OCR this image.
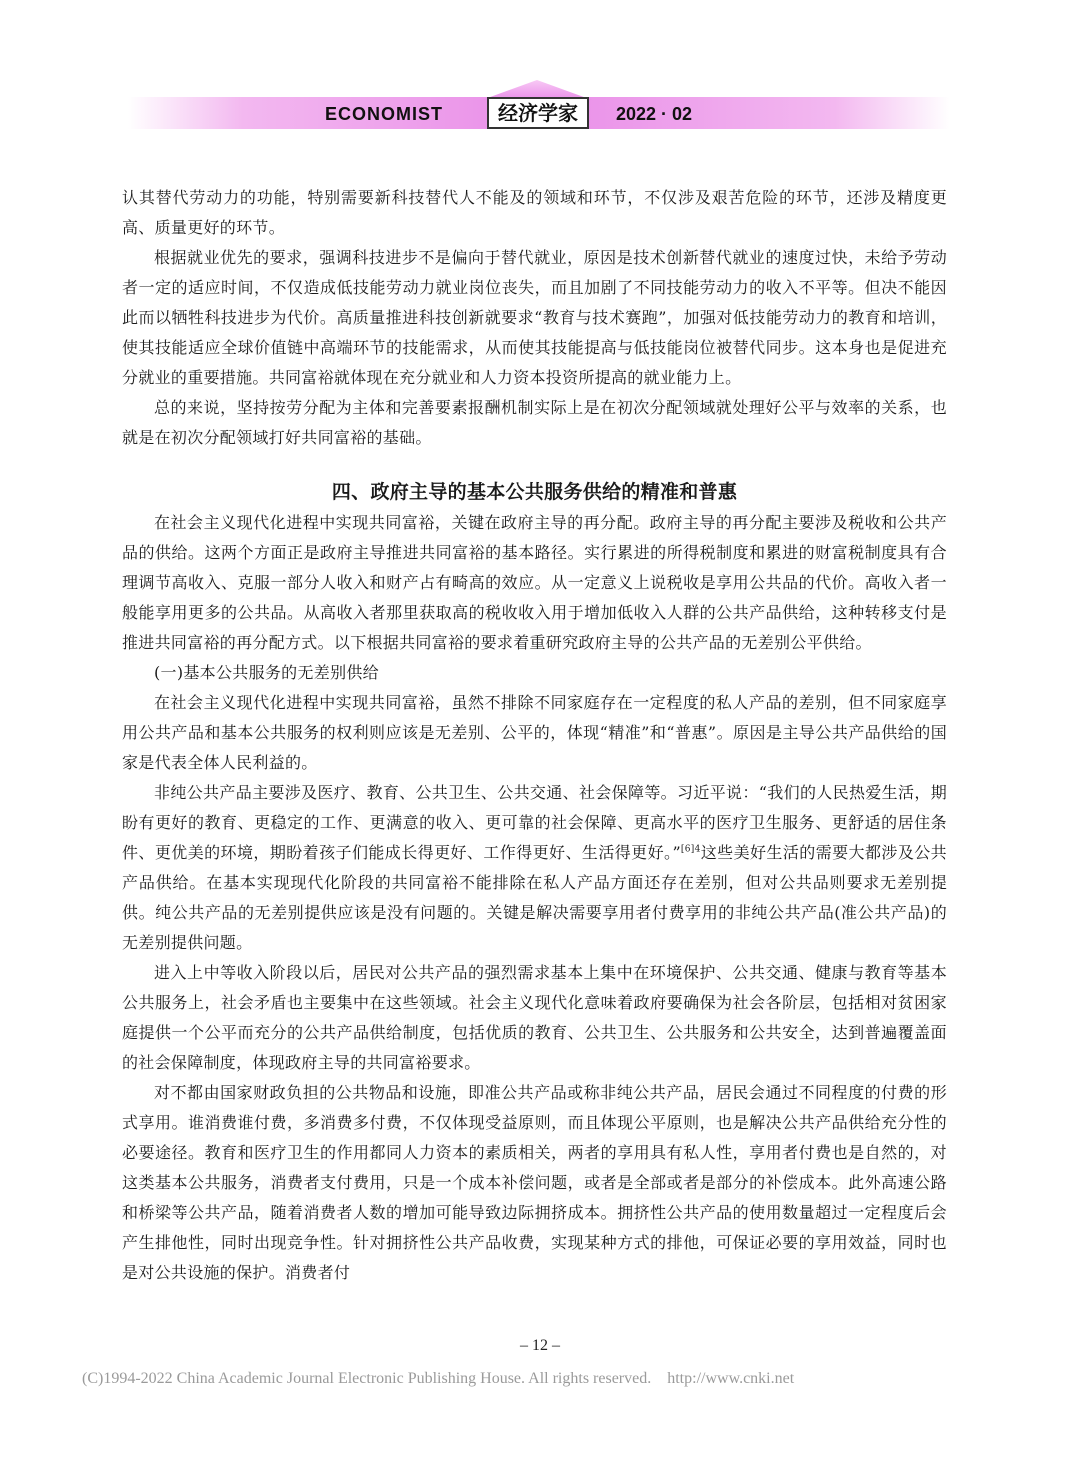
ECONOMIST	经济学家	2022 · 02

认其替代劳动力的功能，特别需要新科技替代人不能及的领域和环节，不仅涉及艰苦危险的环节，还涉及精度更高、质量更好的环节。

根据就业优先的要求，强调科技进步不是偏向于替代就业，原因是技术创新替代就业的速度过快，未给予劳动者一定的适应时间，不仅造成低技能劳动力就业岗位丧失，而且加剧了不同技能劳动力的收入不平等。但决不能因此而以牺牲科技进步为代价。高质量推进科技创新就要求“教育与技术赛跑”，加强对低技能劳动力的教育和培训，使其技能适应全球价值链中高端环节的技能需求，从而使其技能提高与低技能岗位被替代同步。这本身也是促进充分就业的重要措施。共同富裕就体现在充分就业和人力资本投资所提高的就业能力上。

总的来说，坚持按劳分配为主体和完善要素报酬机制实际上是在初次分配领域就处理好公平与效率的关系，也就是在初次分配领域打好共同富裕的基础。

四、政府主导的基本公共服务供给的精准和普惠

在社会主义现代化进程中实现共同富裕，关键在政府主导的再分配。政府主导的再分配主要涉及税收和公共产品的供给。这两个方面正是政府主导推进共同富裕的基本路径。实行累进的所得税制度和累进的财富税制度具有合理调节高收入、克服一部分人收入和财产占有畸高的效应。从一定意义上说税收是享用公共品的代价。高收入者一般能享用更多的公共品。从高收入者那里获取高的税收收入用于增加低收入人群的公共产品供给，这种转移支付是推进共同富裕的再分配方式。以下根据共同富裕的要求着重研究政府主导的公共产品的无差别公平供给。

(一)基本公共服务的无差别供给

在社会主义现代化进程中实现共同富裕，虽然不排除不同家庭存在一定程度的私人产品的差别，但不同家庭享用公共产品和基本公共服务的权利则应该是无差别、公平的，体现“精准”和“普惠”。原因是主导公共产品供给的国家是代表全体人民利益的。

非纯公共产品主要涉及医疗、教育、公共卫生、公共交通、社会保障等。习近平说：“我们的人民热爱生活，期盼有更好的教育、更稳定的工作、更满意的收入、更可靠的社会保障、更高水平的医疗卫生服务、更舒适的居住条件、更优美的环境，期盼着孩子们能成长得更好、工作得更好、生活得更好。”$^{[6]4}$这些美好生活的需要大都涉及公共产品供给。在基本实现现代化阶段的共同富裕不能排除在私人产品方面还存在差别，但对公共品则要求无差别提供。纯公共产品的无差别提供应该是没有问题的。关键是解决需要享用者付费享用的非纯公共产品(准公共产品)的无差别提供问题。

进入上中等收入阶段以后，居民对公共产品的强烈需求基本上集中在环境保护、公共交通、健康与教育等基本公共服务上，社会矛盾也主要集中在这些领域。社会主义现代化意味着政府要确保为社会各阶层，包括相对贫困家庭提供一个公平而充分的公共产品供给制度，包括优质的教育、公共卫生、公共服务和公共安全，达到普遍覆盖面的社会保障制度，体现政府主导的共同富裕要求。

对不都由国家财政负担的公共物品和设施，即准公共产品或称非纯公共产品，居民会通过不同程度的付费的形式享用。谁消费谁付费，多消费多付费，不仅体现受益原则，而且体现公平原则，也是解决公共产品供给充分性的必要途径。教育和医疗卫生的作用都同人力资本的素质相关，两者的享用具有私人性，享用者付费也是自然的，对这类基本公共服务，消费者支付费用，只是一个成本补偿问题，或者是全部或者是部分的补偿成本。此外高速公路和桥梁等公共产品，随着消费者人数的增加可能导致边际拥挤成本。拥挤性公共产品的使用数量超过一定程度后会产生排他性，同时出现竞争性。针对拥挤性公共产品收费，实现某种方式的排他，可保证必要的享用效益，同时也是对公共设施的保护。消费者付

– 12 –
(C)1994-2022 China Academic Journal Electronic Publishing House. All rights reserved.    http://www.cnki.net
